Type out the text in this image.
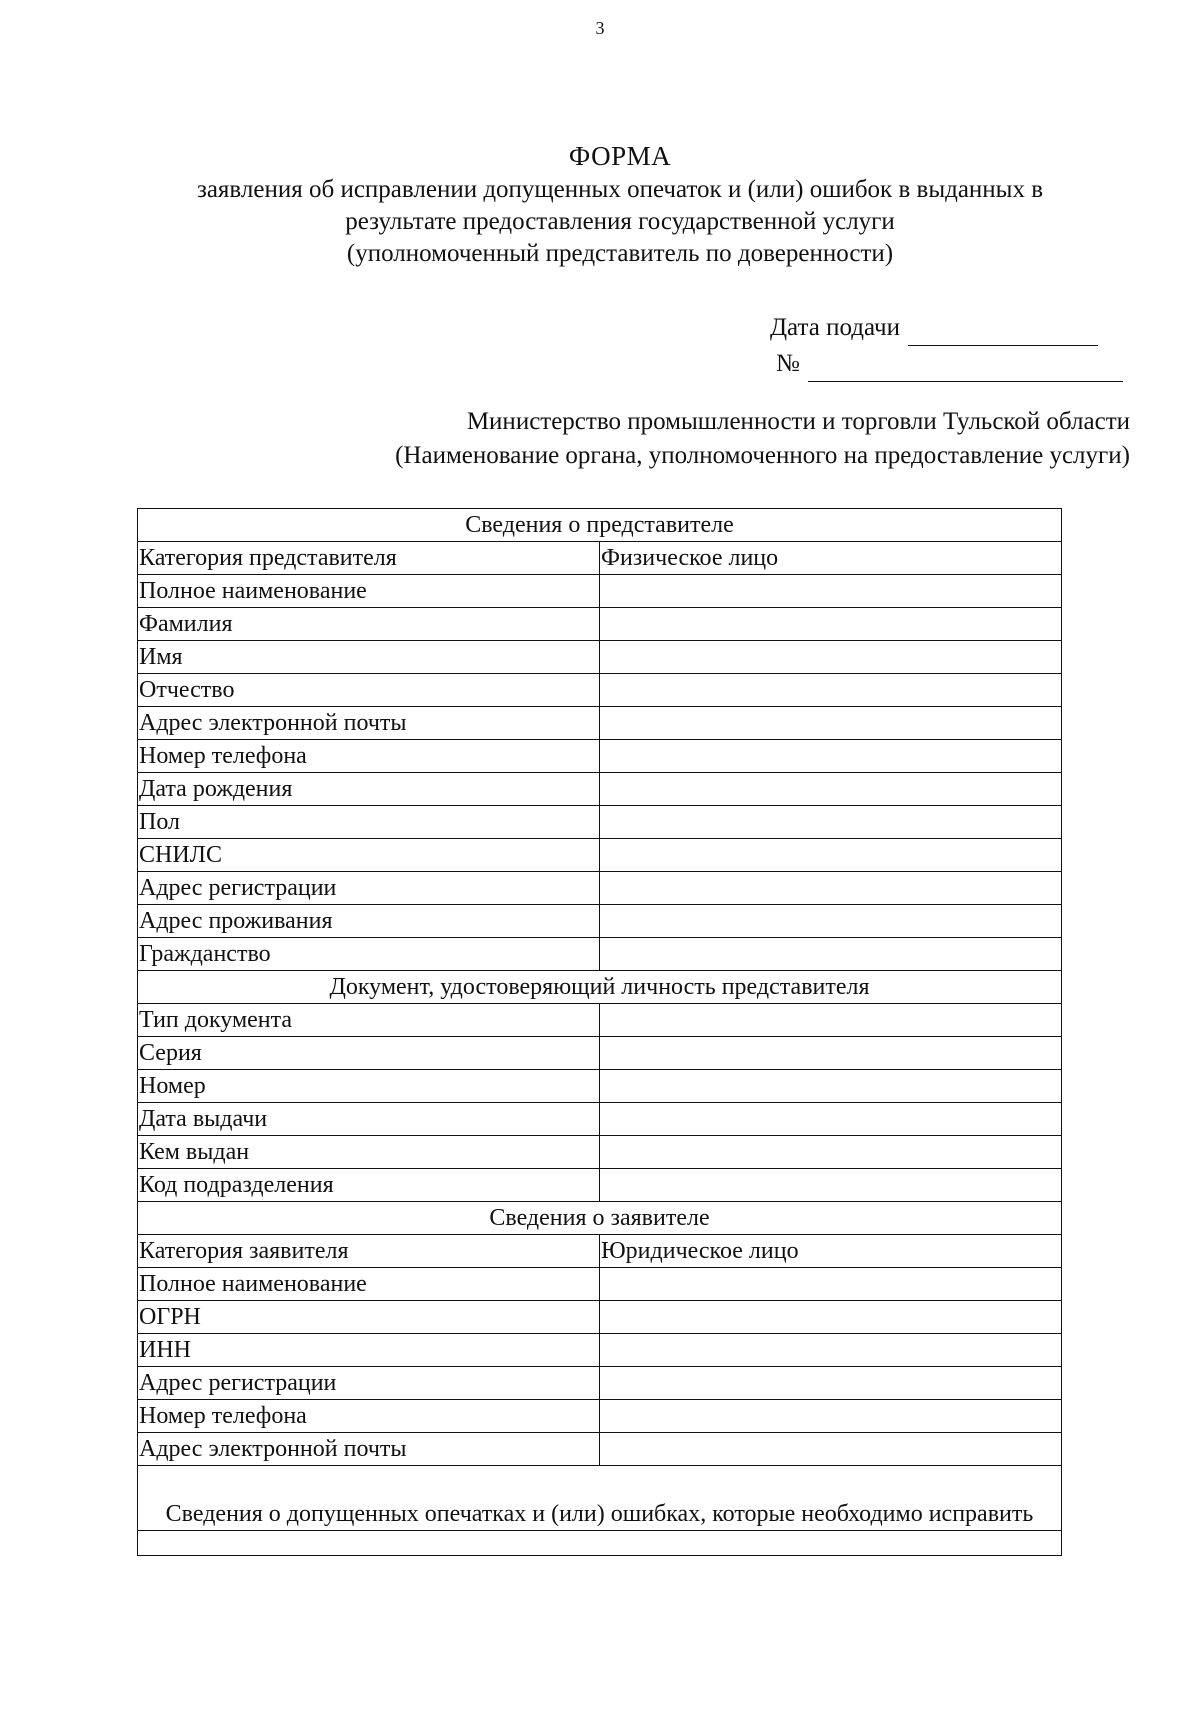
3
ФОРМА
заявления об исправлении допущенных опечаток и (или) ошибок в выданных в
результате предоставления государственной услуги
(уполномоченный представитель по доверенности)
Дата подачи
№
Министерство промышленности и торговли Тульской области
(Наименование органа, уполномоченного на предоставление услуги)
Сведения о представителе	
Категория представителя	Физическое лицо
Полное наименование	
Фамилия	
Имя	
Отчество	
Адрес электронной почты	
Номер телефона	
Дата рождения	
Пол	
СНИЛС	
Адрес регистрации	
Адрес проживания	
Гражданство	
Документ, удостоверяющий личность представителя	
Тип документа	
Серия	
Номер	
Дата выдачи	
Кем выдан	
Код подразделения	
Сведения о заявителе	
Категория заявителя	Юридическое лицо
Полное наименование	
ОГРН	
ИНН	
Адрес регистрации	
Номер телефона	
Адрес электронной почты	
Сведения о допущенных опечатках и (или) ошибках, которые необходимо исправить	
